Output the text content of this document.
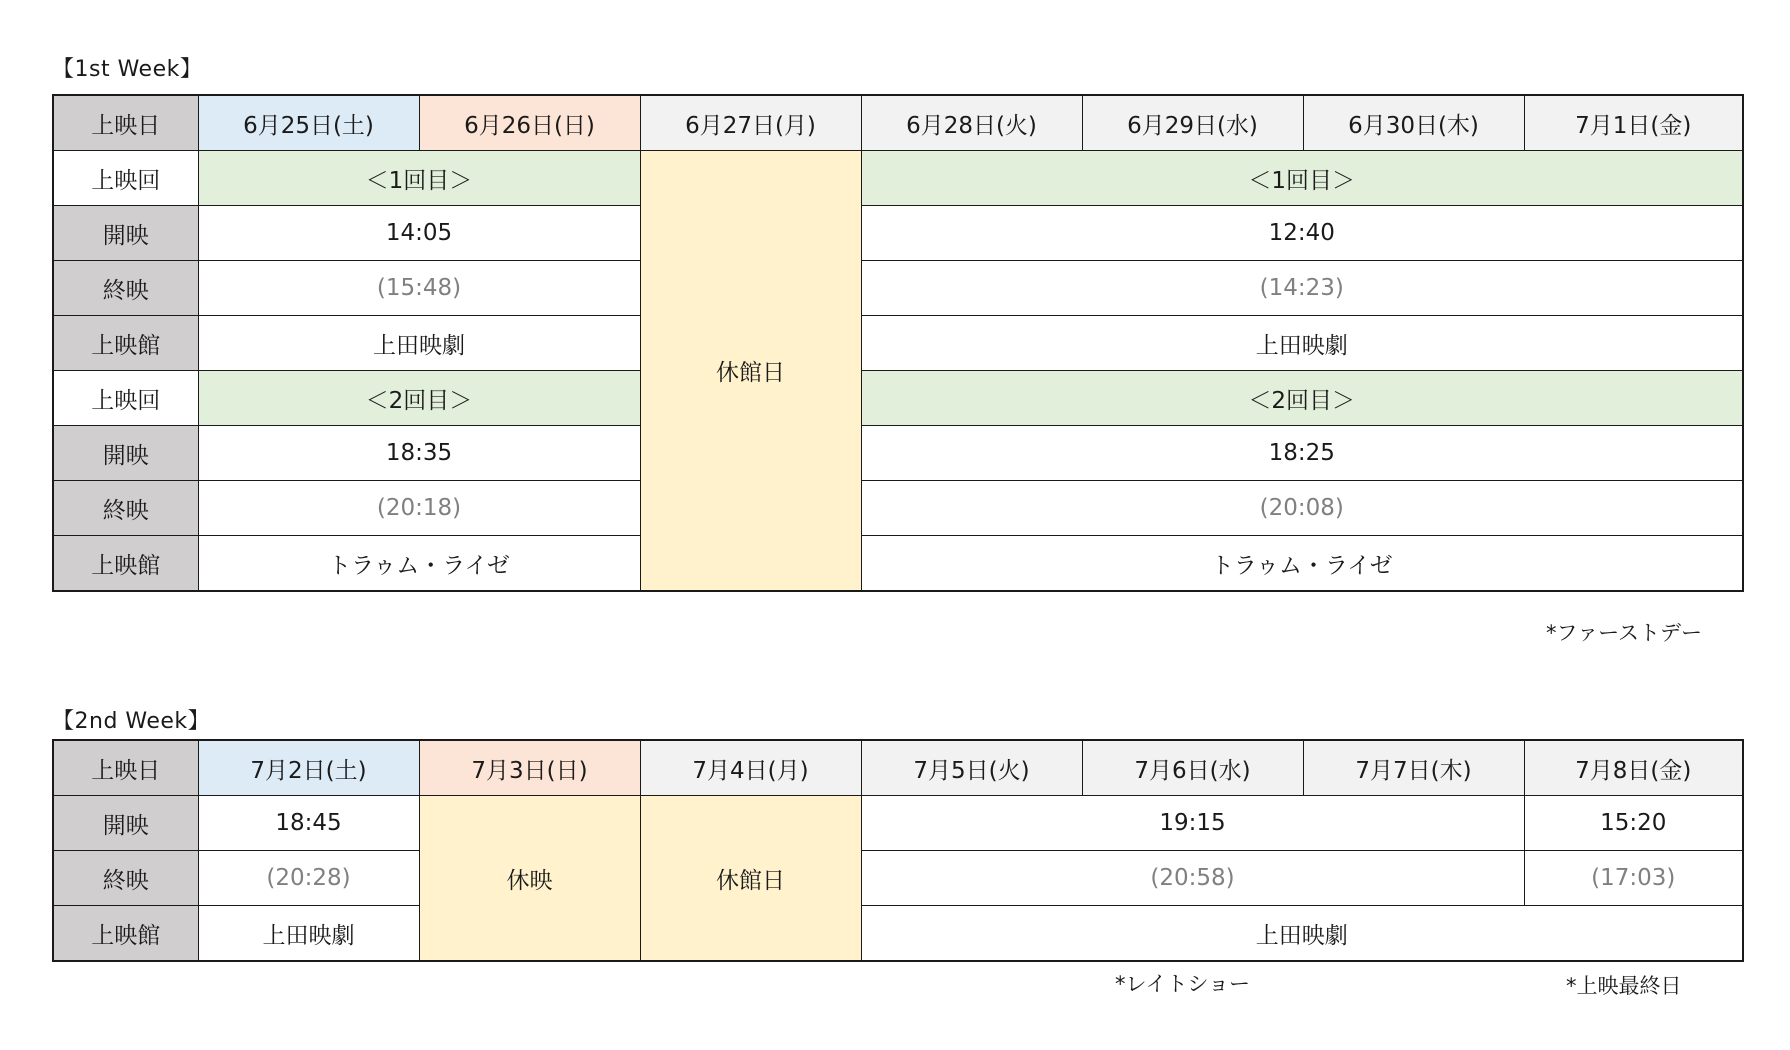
【1st Week】
上映日	6月25日(土)	6月26日(日)	6月27日(月)	6月28日(火)	6月29日(水)	6月30日(木)	7月1日(金)
上映回	＜1回目＞		休館日	＜1回目＞			
開映	14:05			12:40			
終映	(15:48)			(14:23)			
上映館	上田映劇			上田映劇			
上映回	＜2回目＞			＜2回目＞			
開映	18:35			18:25			
終映	(20:18)			(20:08)			
上映館	トラゥム・ライゼ			トラゥム・ライゼ			
*ファーストデー
【2nd Week】
上映日	7月2日(土)	7月3日(日)	7月4日(月)	7月5日(火)	7月6日(水)	7月7日(木)	7月8日(金)
開映	18:45	休映	休館日	19:15			15:20
終映	(20:28)			(20:58)			(17:03)
上映館	上田映劇			上田映劇			
*レイトショー	*上映最終日
